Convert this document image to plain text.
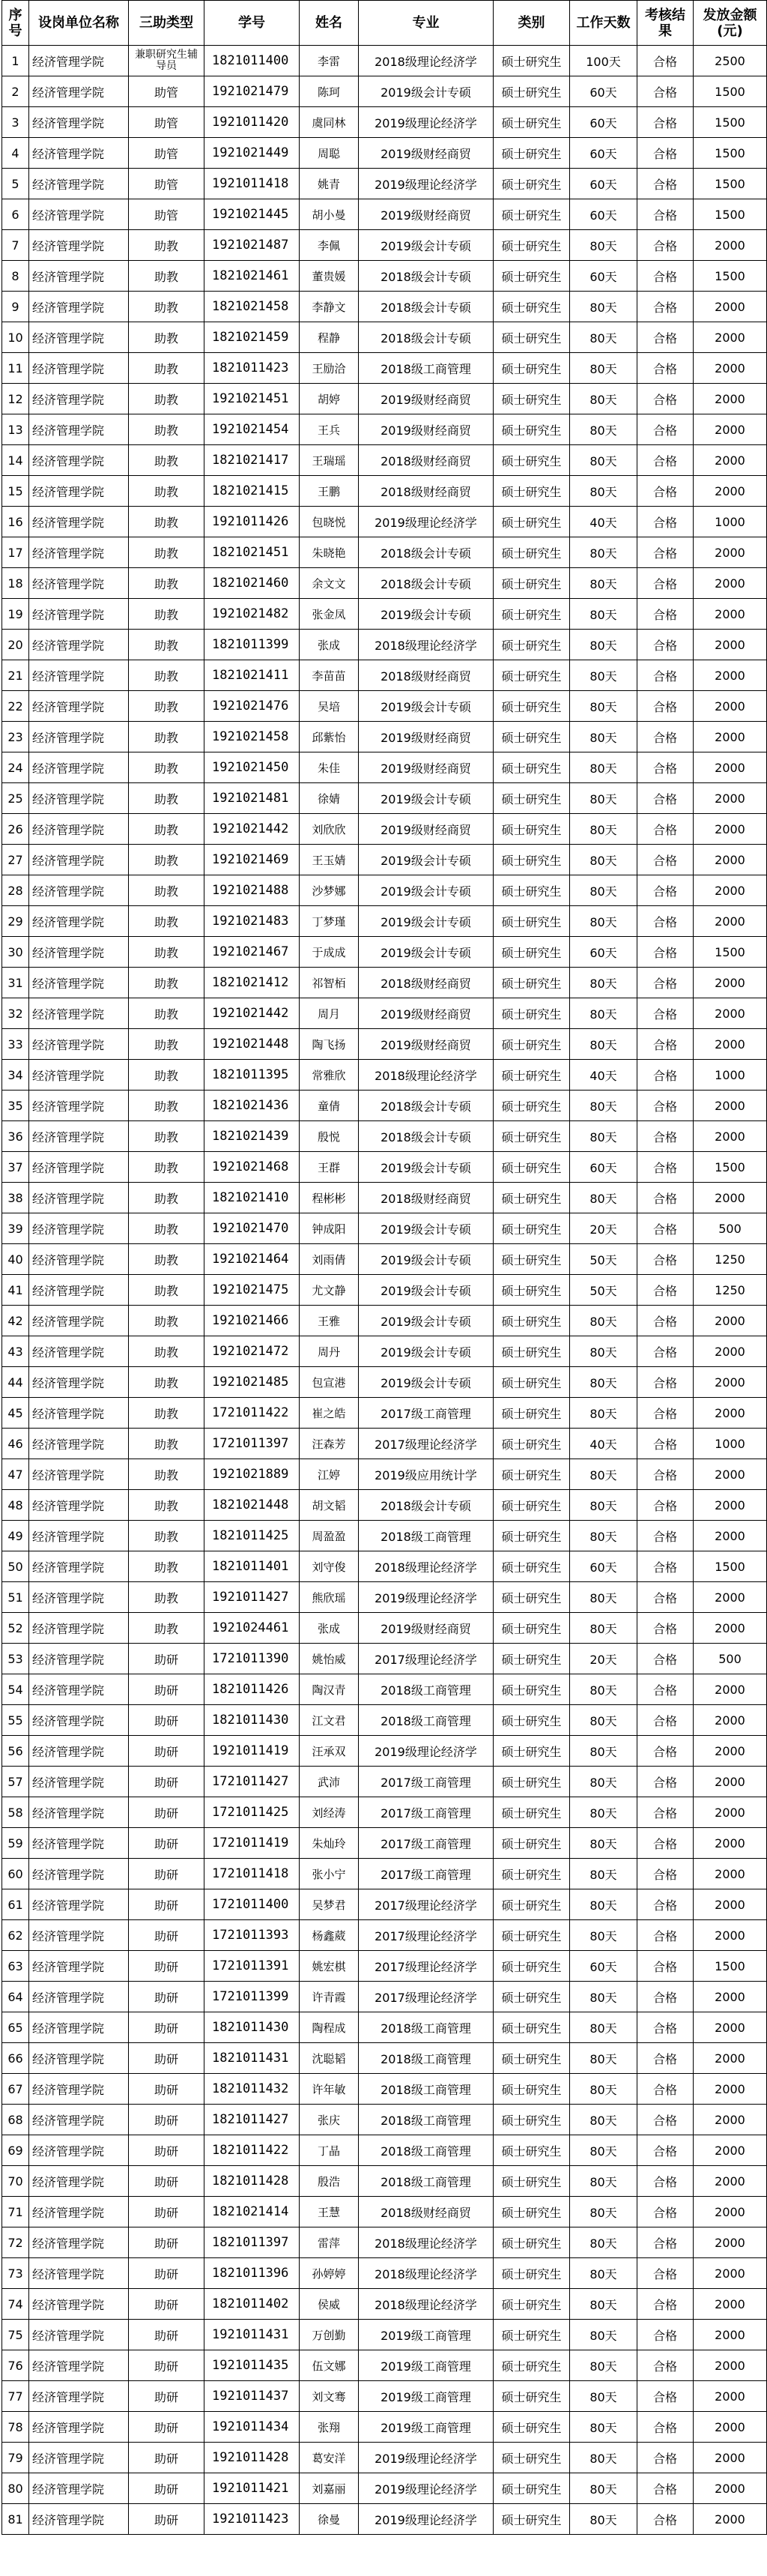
序号	设岗单位名称	三助类型	学号	姓名	专业	类别	工作天数	考核结果	发放金额(元)
1	经济管理学院	兼职研究生辅导员	1821011400	李雷	2018级理论经济学	硕士研究生	100天	合格	2500
2	经济管理学院	助管	1921021479	陈珂	2019级会计专硕	硕士研究生	60天	合格	1500
3	经济管理学院	助管	1921011420	虞同林	2019级理论经济学	硕士研究生	60天	合格	1500
4	经济管理学院	助管	1921021449	周聪	2019级财经商贸	硕士研究生	60天	合格	1500
5	经济管理学院	助管	1921011418	姚青	2019级理论经济学	硕士研究生	60天	合格	1500
6	经济管理学院	助管	1921021445	胡小曼	2019级财经商贸	硕士研究生	60天	合格	1500
7	经济管理学院	助教	1921021487	李佩	2019级会计专硕	硕士研究生	80天	合格	2000
8	经济管理学院	助教	1821021461	董贵媛	2018级会计专硕	硕士研究生	60天	合格	1500
9	经济管理学院	助教	1821021458	李静文	2018级会计专硕	硕士研究生	80天	合格	2000
10	经济管理学院	助教	1821021459	程静	2018级会计专硕	硕士研究生	80天	合格	2000
11	经济管理学院	助教	1821011423	王励洽	2018级工商管理	硕士研究生	80天	合格	2000
12	经济管理学院	助教	1921021451	胡婷	2019级财经商贸	硕士研究生	80天	合格	2000
13	经济管理学院	助教	1921021454	王兵	2019级财经商贸	硕士研究生	80天	合格	2000
14	经济管理学院	助教	1821021417	王瑞瑶	2018级财经商贸	硕士研究生	80天	合格	2000
15	经济管理学院	助教	1821021415	王鹏	2018级财经商贸	硕士研究生	80天	合格	2000
16	经济管理学院	助教	1921011426	包晓悦	2019级理论经济学	硕士研究生	40天	合格	1000
17	经济管理学院	助教	1821021451	朱晓艳	2018级会计专硕	硕士研究生	80天	合格	2000
18	经济管理学院	助教	1821021460	余文文	2018级会计专硕	硕士研究生	80天	合格	2000
19	经济管理学院	助教	1921021482	张金凤	2019级会计专硕	硕士研究生	80天	合格	2000
20	经济管理学院	助教	1821011399	张成	2018级理论经济学	硕士研究生	80天	合格	2000
21	经济管理学院	助教	1821021411	李苗苗	2018级财经商贸	硕士研究生	80天	合格	2000
22	经济管理学院	助教	1921021476	吴培	2019级会计专硕	硕士研究生	80天	合格	2000
23	经济管理学院	助教	1921021458	邱紫怡	2019级财经商贸	硕士研究生	80天	合格	2000
24	经济管理学院	助教	1921021450	朱佳	2019级财经商贸	硕士研究生	80天	合格	2000
25	经济管理学院	助教	1921021481	徐婧	2019级会计专硕	硕士研究生	80天	合格	2000
26	经济管理学院	助教	1921021442	刘欣欣	2019级财经商贸	硕士研究生	80天	合格	2000
27	经济管理学院	助教	1921021469	王玉婧	2019级会计专硕	硕士研究生	80天	合格	2000
28	经济管理学院	助教	1921021488	沙梦娜	2019级会计专硕	硕士研究生	80天	合格	2000
29	经济管理学院	助教	1921021483	丁梦瑾	2019级会计专硕	硕士研究生	80天	合格	2000
30	经济管理学院	助教	1921021467	于成成	2019级会计专硕	硕士研究生	60天	合格	1500
31	经济管理学院	助教	1821021412	祁智栢	2018级财经商贸	硕士研究生	80天	合格	2000
32	经济管理学院	助教	1921021442	周月	2019级财经商贸	硕士研究生	80天	合格	2000
33	经济管理学院	助教	1921021448	陶飞扬	2019级财经商贸	硕士研究生	80天	合格	2000
34	经济管理学院	助教	1821011395	常雅欣	2018级理论经济学	硕士研究生	40天	合格	1000
35	经济管理学院	助教	1821021436	童倩	2018级会计专硕	硕士研究生	80天	合格	2000
36	经济管理学院	助教	1821021439	殷悦	2018级会计专硕	硕士研究生	80天	合格	2000
37	经济管理学院	助教	1921021468	王群	2019级会计专硕	硕士研究生	60天	合格	1500
38	经济管理学院	助教	1821021410	程彬彬	2018级财经商贸	硕士研究生	80天	合格	2000
39	经济管理学院	助教	1921021470	钟成阳	2019级会计专硕	硕士研究生	20天	合格	500
40	经济管理学院	助教	1921021464	刘雨倩	2019级会计专硕	硕士研究生	50天	合格	1250
41	经济管理学院	助教	1921021475	尤文静	2019级会计专硕	硕士研究生	50天	合格	1250
42	经济管理学院	助教	1921021466	王雅	2019级会计专硕	硕士研究生	80天	合格	2000
43	经济管理学院	助教	1921021472	周丹	2019级会计专硕	硕士研究生	80天	合格	2000
44	经济管理学院	助教	1921021485	包宣港	2019级会计专硕	硕士研究生	80天	合格	2000
45	经济管理学院	助教	1721011422	崔之皓	2017级工商管理	硕士研究生	80天	合格	2000
46	经济管理学院	助教	1721011397	汪森芳	2017级理论经济学	硕士研究生	40天	合格	1000
47	经济管理学院	助教	1921021889	江婷	2019级应用统计学	硕士研究生	80天	合格	2000
48	经济管理学院	助教	1821021448	胡文韬	2018级会计专硕	硕士研究生	80天	合格	2000
49	经济管理学院	助教	1821011425	周盈盈	2018级工商管理	硕士研究生	80天	合格	2000
50	经济管理学院	助教	1821011401	刘守俊	2018级理论经济学	硕士研究生	60天	合格	1500
51	经济管理学院	助教	1921011427	熊欣瑶	2019级理论经济学	硕士研究生	80天	合格	2000
52	经济管理学院	助教	1921024461	张成	2019级财经商贸	硕士研究生	80天	合格	2000
53	经济管理学院	助研	1721011390	姚怡威	2017级理论经济学	硕士研究生	20天	合格	500
54	经济管理学院	助研	1821011426	陶汉青	2018级工商管理	硕士研究生	80天	合格	2000
55	经济管理学院	助研	1821011430	江文君	2018级工商管理	硕士研究生	80天	合格	2000
56	经济管理学院	助研	1921011419	汪承双	2019级理论经济学	硕士研究生	80天	合格	2000
57	经济管理学院	助研	1721011427	武沛	2017级工商管理	硕士研究生	80天	合格	2000
58	经济管理学院	助研	1721011425	刘经涛	2017级工商管理	硕士研究生	80天	合格	2000
59	经济管理学院	助研	1721011419	朱灿玲	2017级工商管理	硕士研究生	80天	合格	2000
60	经济管理学院	助研	1721011418	张小宁	2017级工商管理	硕士研究生	80天	合格	2000
61	经济管理学院	助研	1721011400	吴梦君	2017级理论经济学	硕士研究生	80天	合格	2000
62	经济管理学院	助研	1721011393	杨鑫葳	2017级理论经济学	硕士研究生	80天	合格	2000
63	经济管理学院	助研	1721011391	姚宏棋	2017级理论经济学	硕士研究生	60天	合格	1500
64	经济管理学院	助研	1721011399	许青霞	2017级理论经济学	硕士研究生	80天	合格	2000
65	经济管理学院	助研	1821011430	陶程成	2018级工商管理	硕士研究生	80天	合格	2000
66	经济管理学院	助研	1821011431	沈聪韬	2018级工商管理	硕士研究生	80天	合格	2000
67	经济管理学院	助研	1821011432	许年敏	2018级工商管理	硕士研究生	80天	合格	2000
68	经济管理学院	助研	1821011427	张庆	2018级工商管理	硕士研究生	80天	合格	2000
69	经济管理学院	助研	1821011422	丁晶	2018级工商管理	硕士研究生	80天	合格	2000
70	经济管理学院	助研	1821011428	殷浩	2018级工商管理	硕士研究生	80天	合格	2000
71	经济管理学院	助研	1821021414	王慧	2018级财经商贸	硕士研究生	80天	合格	2000
72	经济管理学院	助研	1821011397	雷萍	2018级理论经济学	硕士研究生	80天	合格	2000
73	经济管理学院	助研	1821011396	孙婷婷	2018级理论经济学	硕士研究生	80天	合格	2000
74	经济管理学院	助研	1821011402	侯威	2018级理论经济学	硕士研究生	80天	合格	2000
75	经济管理学院	助研	1921011431	万创勤	2019级工商管理	硕士研究生	80天	合格	2000
76	经济管理学院	助研	1921011435	伍文娜	2019级工商管理	硕士研究生	80天	合格	2000
77	经济管理学院	助研	1921011437	刘文骞	2019级工商管理	硕士研究生	80天	合格	2000
78	经济管理学院	助研	1921011434	张翔	2019级工商管理	硕士研究生	80天	合格	2000
79	经济管理学院	助研	1921011428	葛安洋	2019级理论经济学	硕士研究生	80天	合格	2000
80	经济管理学院	助研	1921011421	刘嘉丽	2019级理论经济学	硕士研究生	80天	合格	2000
81	经济管理学院	助研	1921011423	徐曼	2019级理论经济学	硕士研究生	80天	合格	2000
